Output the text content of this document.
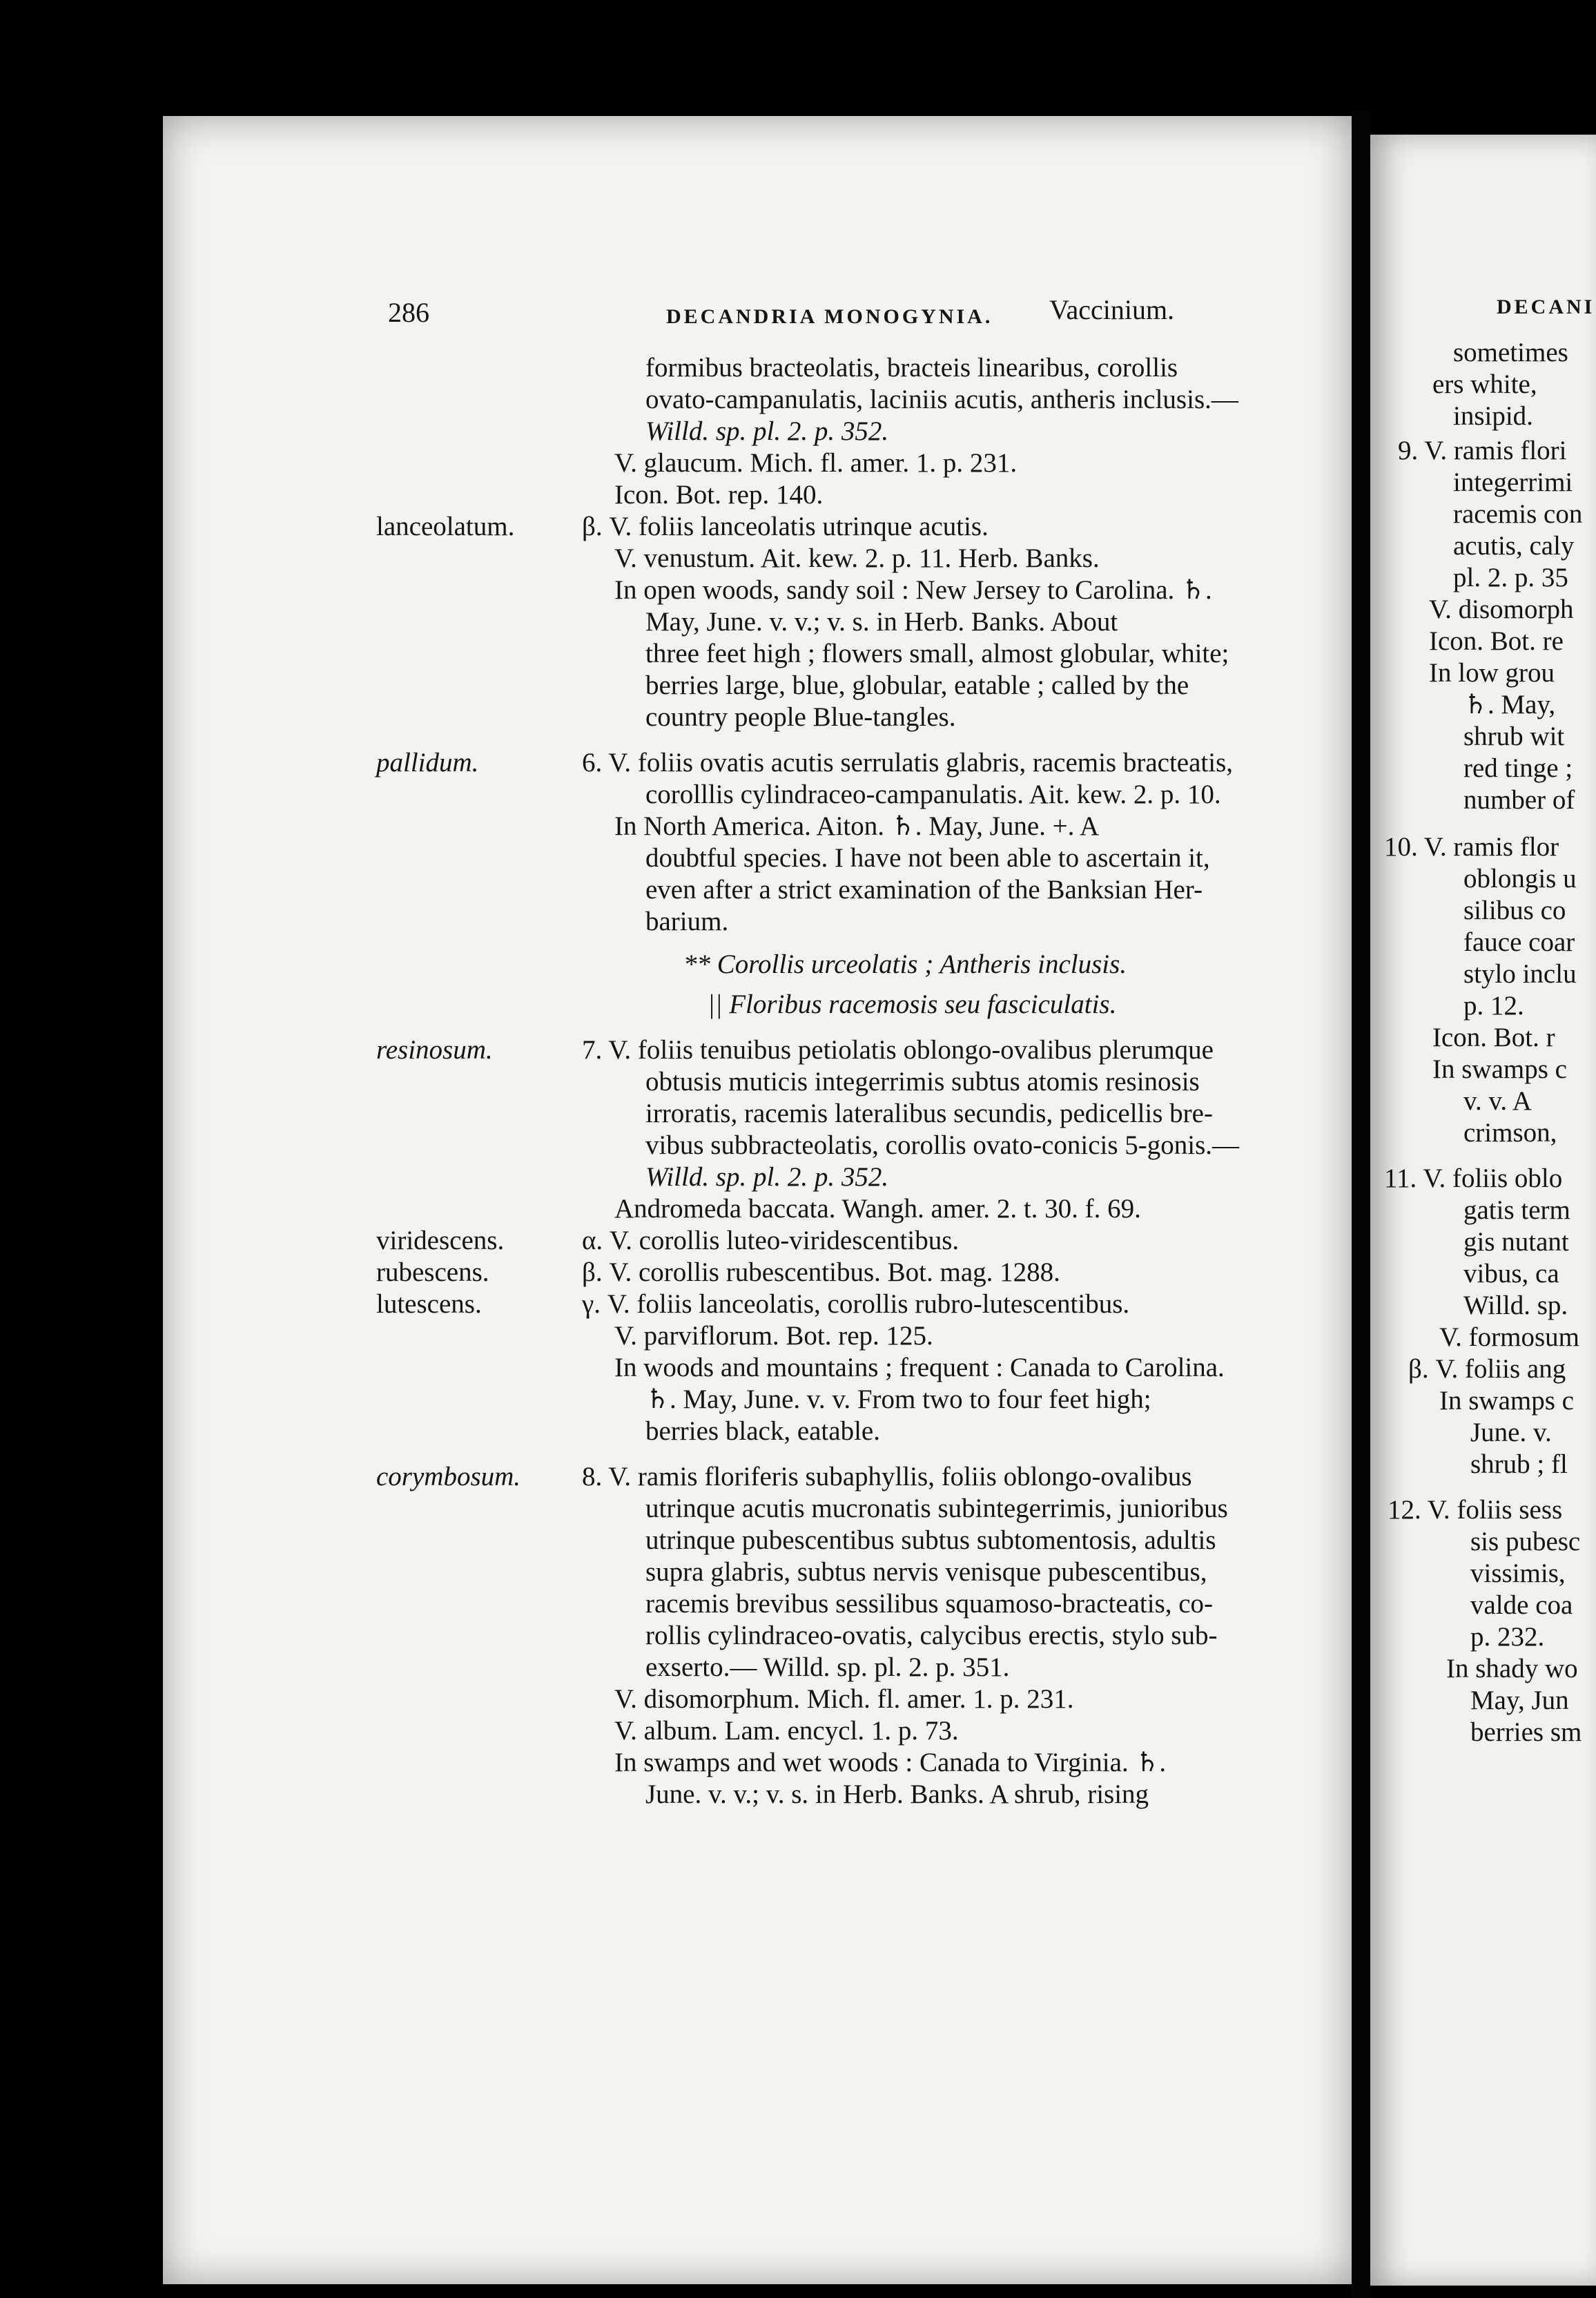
286	DECANDRIA MONOGYNIA. Vaccinium.	DECANI
formibus bracteolatis, bracteis linearibus, corollis
ovato-campanulatis, laciniis acutis, antheris inclusis.—
Willd. sp. pl. 2. p. 352.
V. glaucum. Mich. fl. amer. 1. p. 231.
Icon. Bot. rep. 140.
lanceolatum.	β. V. foliis lanceolatis utrinque acutis.
V. venustum. Ait. kew. 2. p. 11. Herb. Banks.
In open woods, sandy soil : New Jersey to Carolina. ♄.
May, June. v. v.; v. s. in Herb. Banks. About
three feet high ; flowers small, almost globular, white;
berries large, blue, globular, eatable ; called by the
country people Blue-tangles.
pallidum.	6. V. foliis ovatis acutis serrulatis glabris, racemis bracteatis,
corolllis cylindraceo-campanulatis. Ait. kew. 2. p. 10.
In North America. Aiton. ♄. May, June. +. A
doubtful species. I have not been able to ascertain it,
even after a strict examination of the Banksian Her-
barium.
** Corollis urceolatis ; Antheris inclusis.
|| Floribus racemosis seu fasciculatis.
resinosum.	7. V. foliis tenuibus petiolatis oblongo-ovalibus plerumque
obtusis muticis integerrimis subtus atomis resinosis
irroratis, racemis lateralibus secundis, pedicellis bre-
vibus subbracteolatis, corollis ovato-conicis 5-gonis.—
Willd. sp. pl. 2. p. 352.
Andromeda baccata. Wangh. amer. 2. t. 30. f. 69.
viridescens.	α. V. corollis luteo-viridescentibus.
rubescens.	β. V. corollis rubescentibus. Bot. mag. 1288.
lutescens.	γ. V. foliis lanceolatis, corollis rubro-lutescentibus.
V. parviflorum. Bot. rep. 125.
In woods and mountains ; frequent : Canada to Carolina.
♄. May, June. v. v. From two to four feet high;
berries black, eatable.
corymbosum. 8. V. ramis floriferis subaphyllis, foliis oblongo-ovalibus
utrinque acutis mucronatis subintegerrimis, junioribus
utrinque pubescentibus subtus subtomentosis, adultis
supra glabris, subtus nervis venisque pubescentibus,
racemis brevibus sessilibus squamoso-bracteatis, co-
rollis cylindraceo-ovatis, calycibus erectis, stylo sub-
exserto.— Willd. sp. pl. 2. p. 351.
V. disomorphum. Mich. fl. amer. 1. p. 231.
V. album. Lam. encycl. 1. p. 73.
In swamps and wet woods : Canada to Virginia. ♄.
June. v. v.; v. s. in Herb. Banks. A shrub, rising
sometimes
ers white,
insipid.
9. V. ramis flori
integerrimi
racemis con
acutis, caly
pl. 2. p. 35
V. disomorph
Icon. Bot. re
In low grou
♄. May,
shrub wit
red tinge ;
number of
10. V. ramis flor
oblongis u
silibus co
fauce coar
stylo inclu
p. 12.
Icon. Bot. r
In swamps c
v. v. A
crimson,
11. V. foliis oblo
gatis term
gis nutant
vibus, ca
Willd. sp.
V. formosum
β. V. foliis ang
In swamps c
June. v.
shrub ; fl
12. V. foliis sess
sis pubesc
vissimis,
valde coa
p. 232.
In shady wo
May, Jun
berries sm
